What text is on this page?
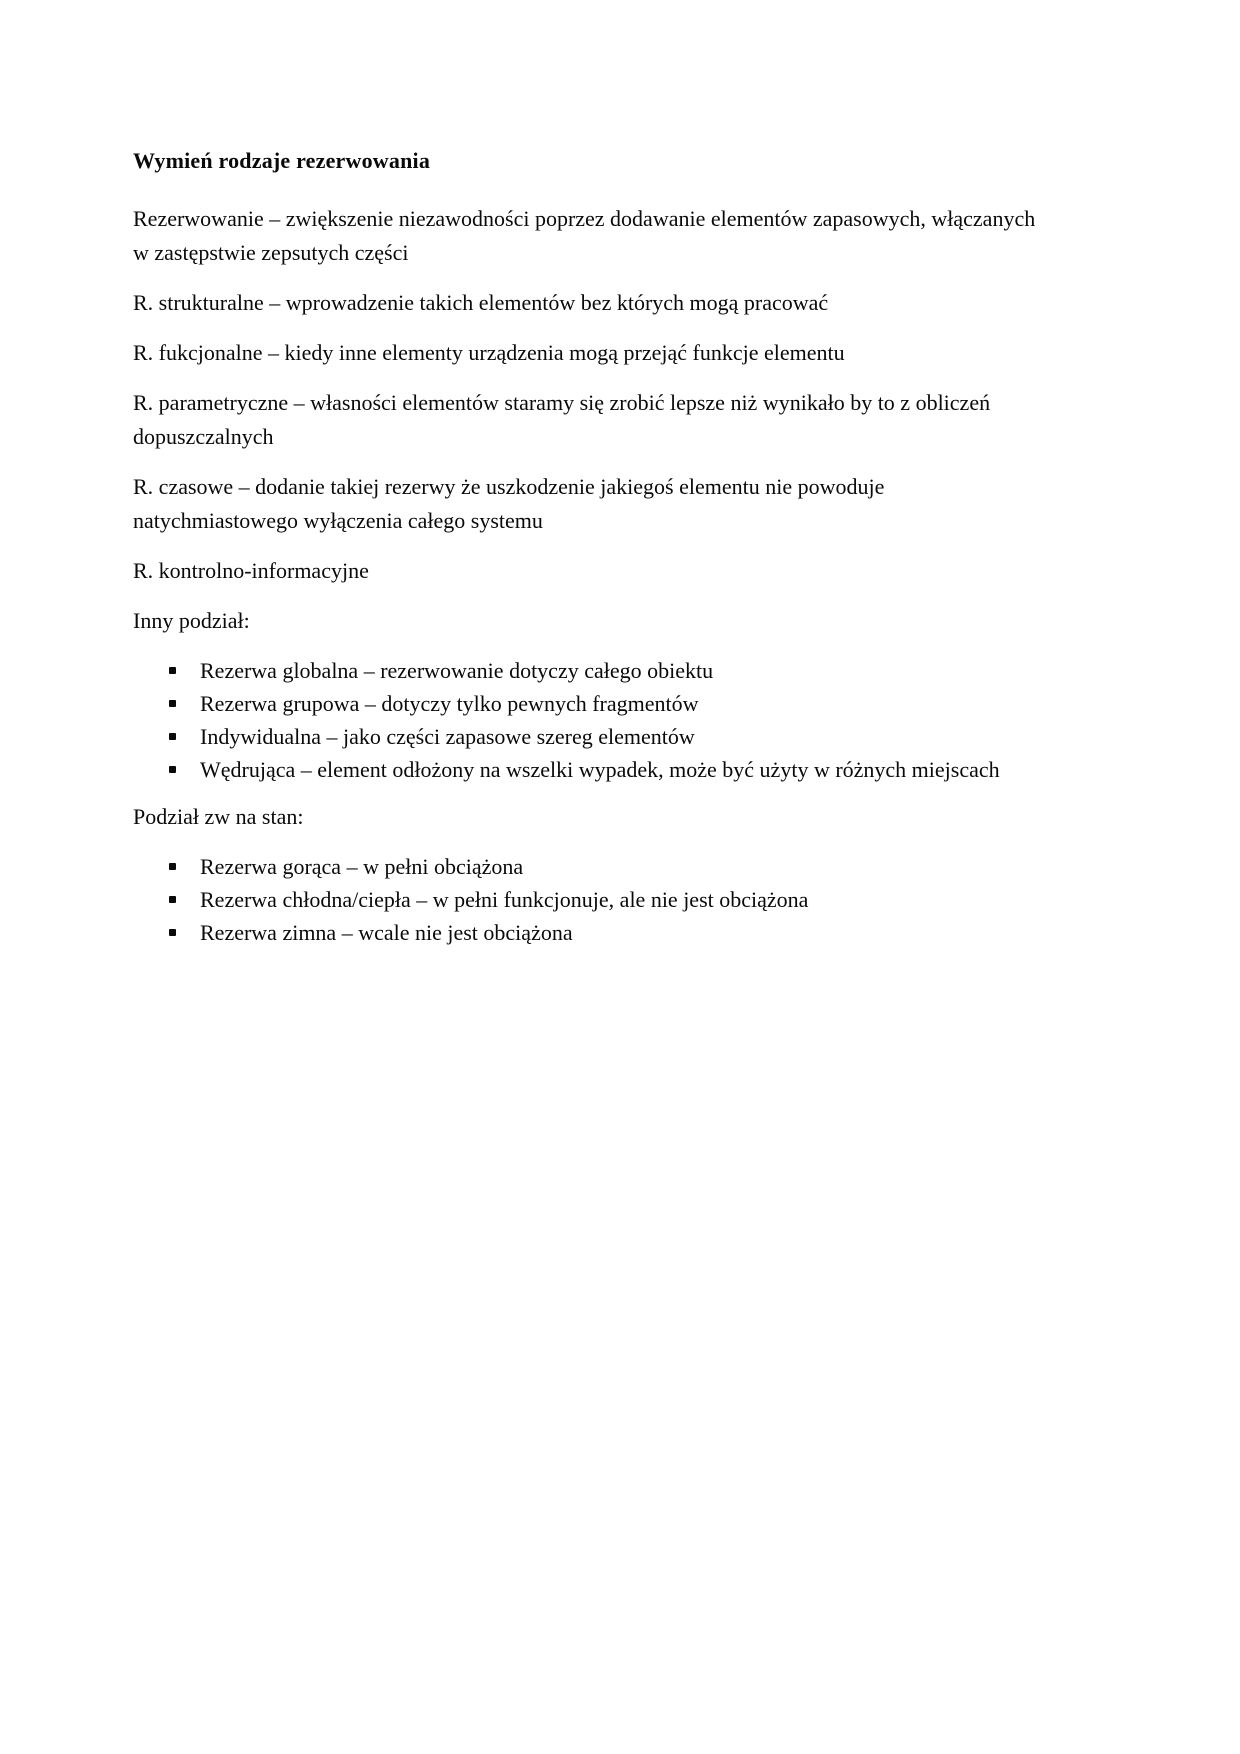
Wymień rodzaje rezerwowania

Rezerwowanie – zwiększenie niezawodności poprzez dodawanie elementów zapasowych, włączanych
w zastępstwie zepsutych części

R. strukturalne – wprowadzenie takich elementów bez których mogą pracować

R. fukcjonalne – kiedy inne elementy urządzenia mogą przejąć funkcje elementu

R. parametryczne – własności elementów staramy się zrobić lepsze niż wynikało by to z obliczeń
dopuszczalnych

R. czasowe – dodanie takiej rezerwy że uszkodzenie jakiegoś elementu nie powoduje
natychmiastowego wyłączenia całego systemu

R. kontrolno-informacyjne

Inny podział:

Rezerwa globalna – rezerwowanie dotyczy całego obiektu
Rezerwa grupowa – dotyczy tylko pewnych fragmentów
Indywidualna – jako części zapasowe szereg elementów
Wędrująca – element odłożony na wszelki wypadek, może być użyty w różnych miejscach

Podział zw na stan:

Rezerwa gorąca – w pełni obciążona
Rezerwa chłodna/ciepła – w pełni funkcjonuje, ale nie jest obciążona
Rezerwa zimna – wcale nie jest obciążona
